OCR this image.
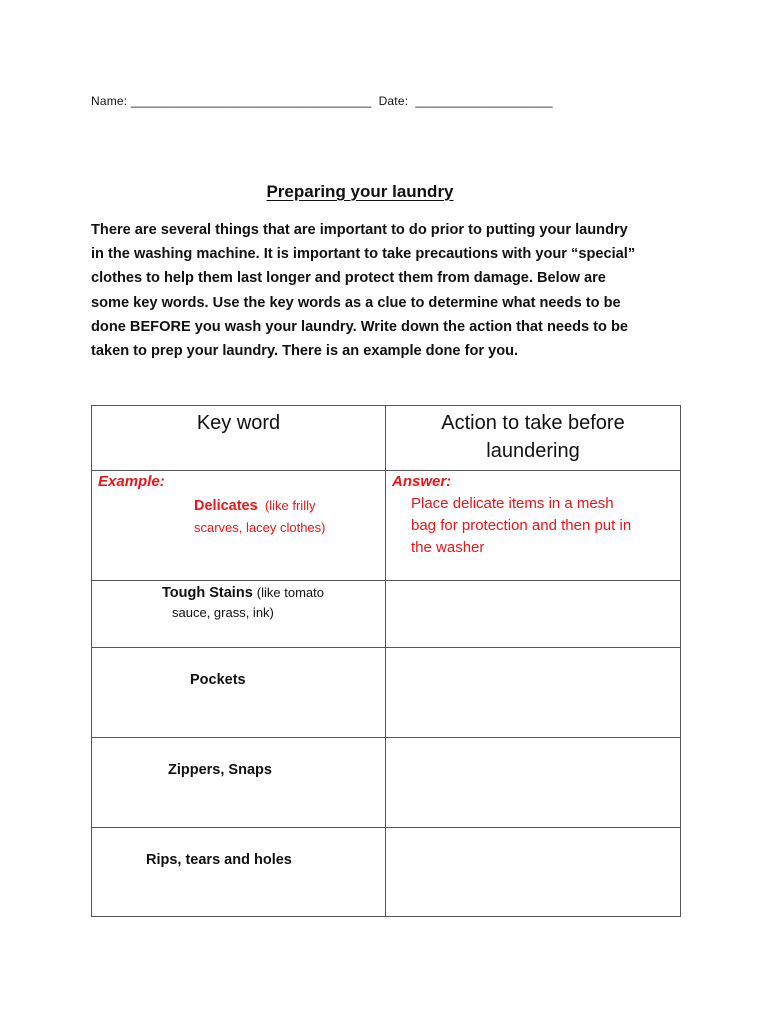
Name: ___________________________________ Date: ____________________
Preparing your laundry
There are several things that are important to do prior to putting your laundry
in the washing machine. It is important to take precautions with your “special”
clothes to help them last longer and protect them from damage. Below are
some key words. Use the key words as a clue to determine what needs to be
done BEFORE you wash your laundry. Write down the action that needs to be
taken to prep your laundry. There is an example done for you.
Key word	Action to take before
laundering

Example:
Delicates (like frilly
scarves, lacey clothes)	Answer:
Place delicate items in a mesh
bag for protection and then put in
the washer

Tough Stains (like tomato
sauce, grass, ink)	

Pockets	

Zippers, Snaps	

Rips, tears and holes	
